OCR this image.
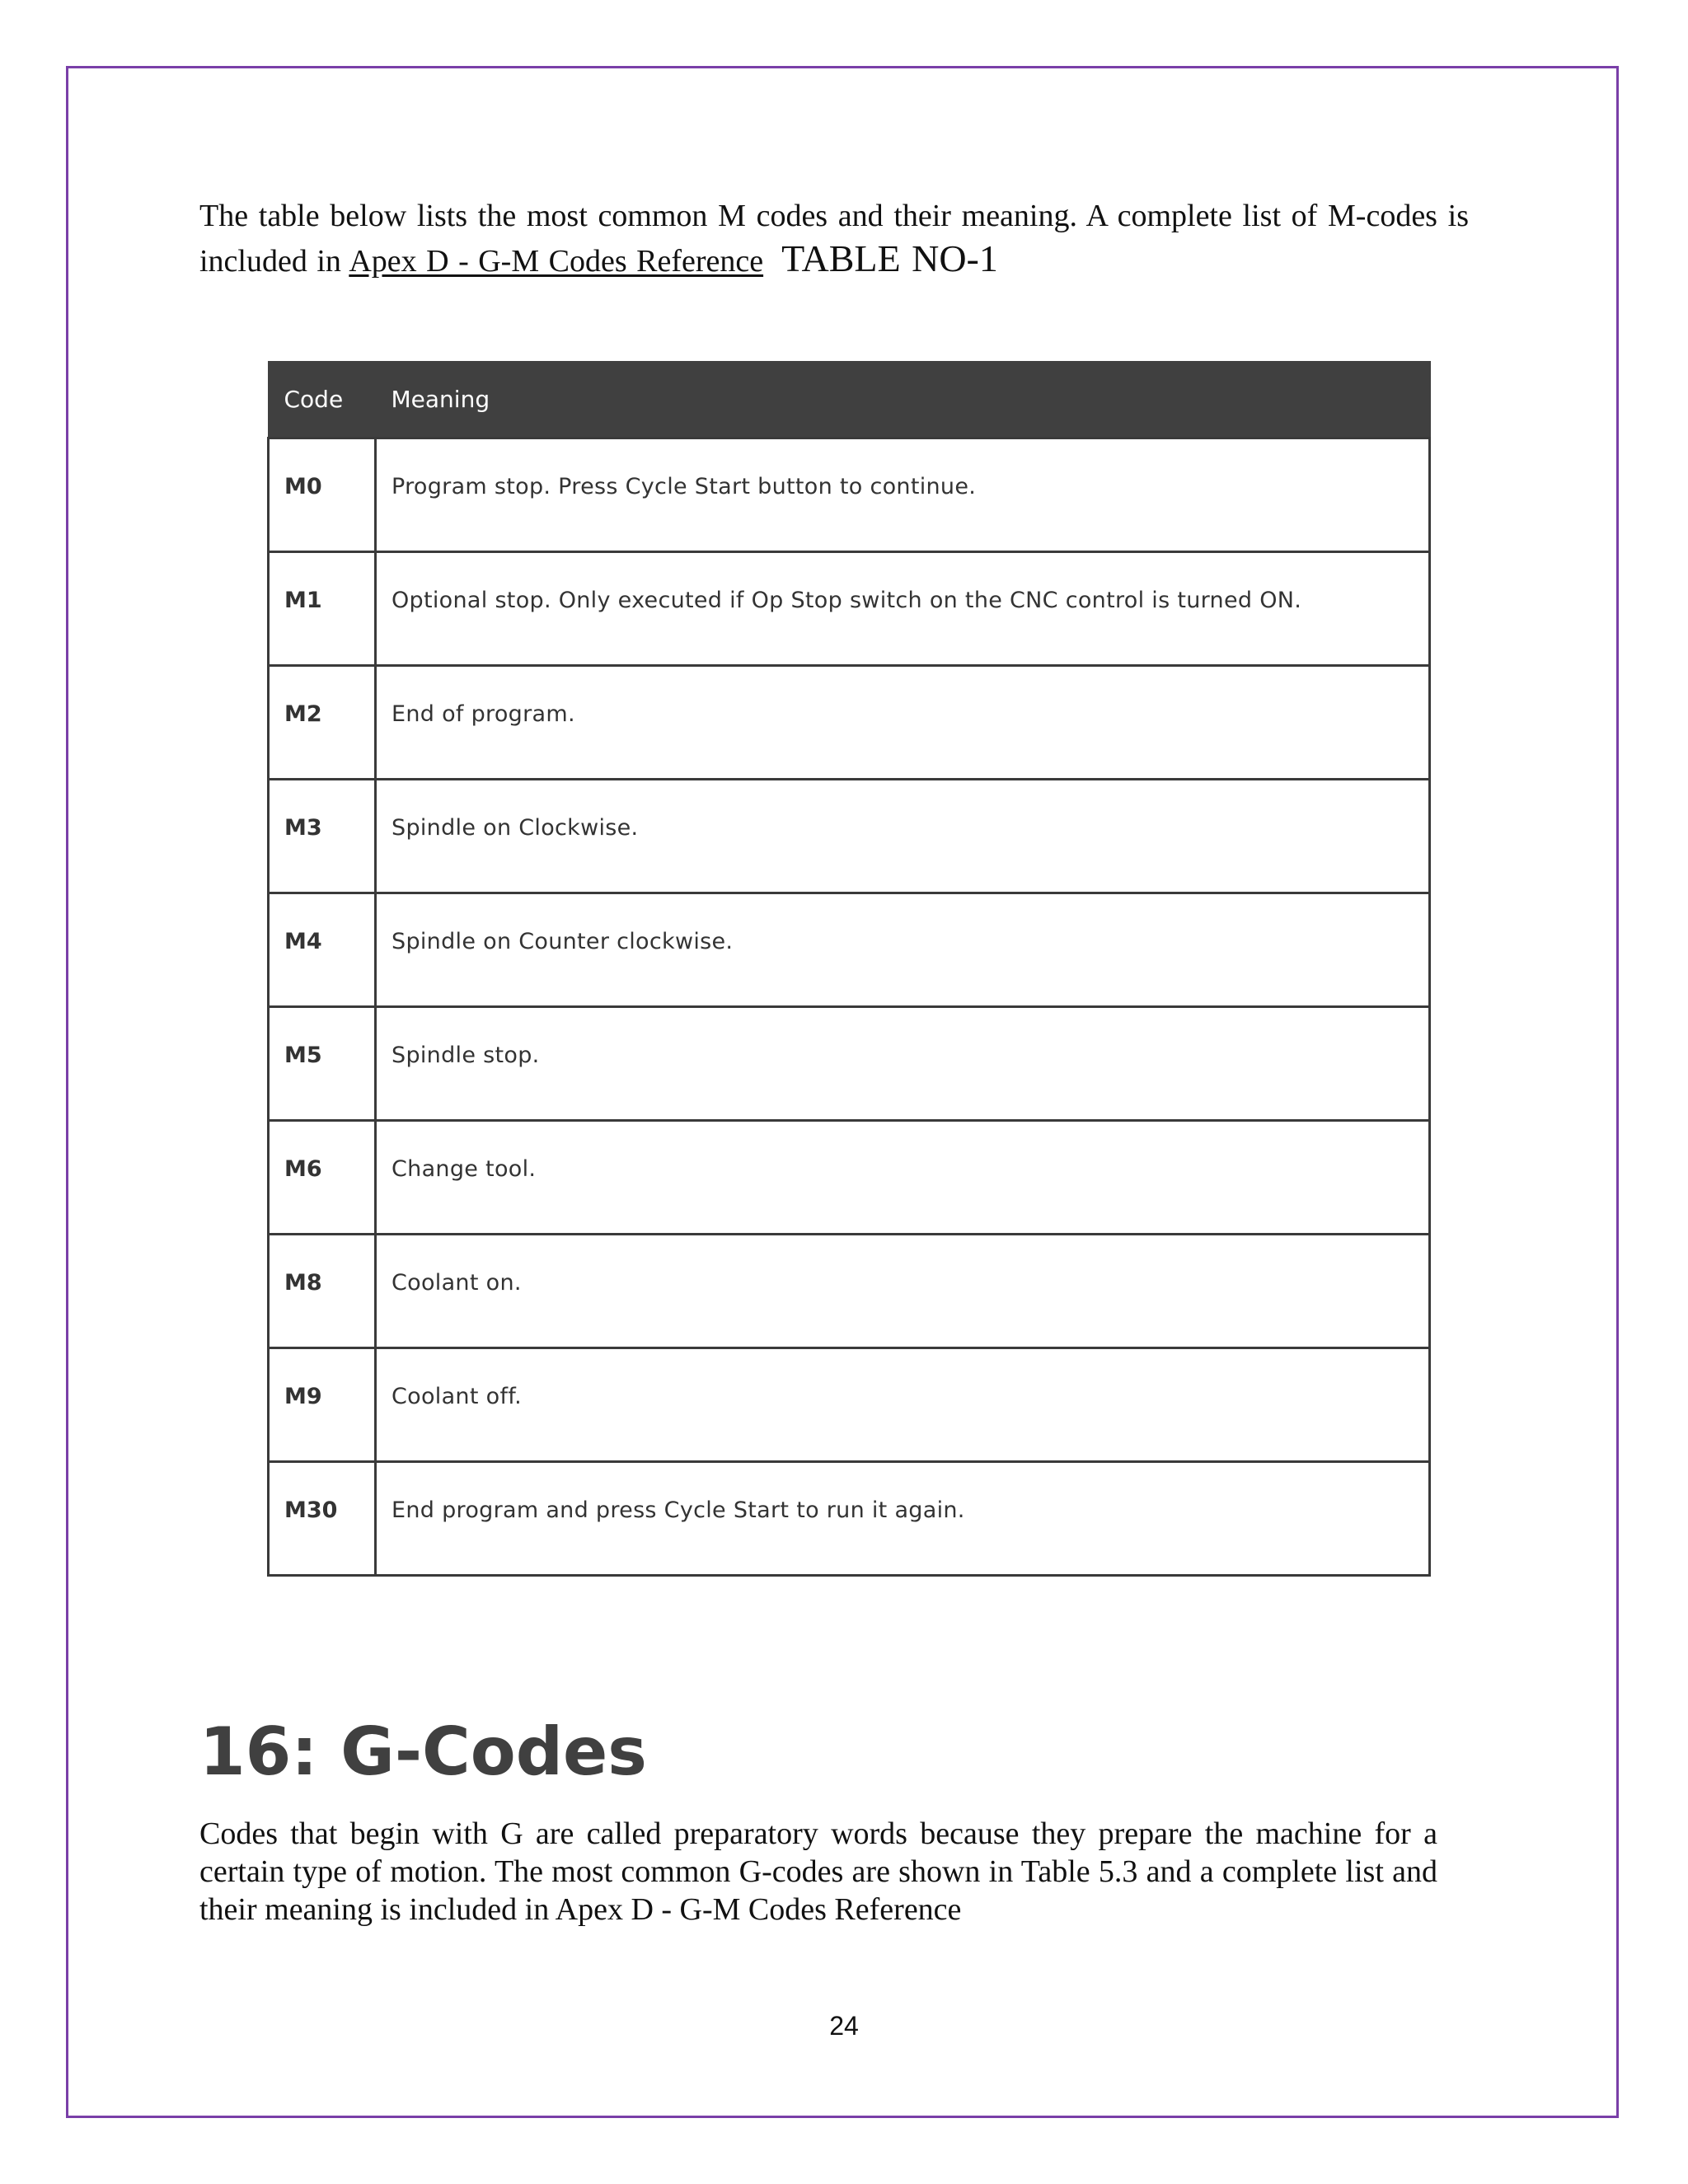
The table below lists the most common M codes and their meaning. A complete list of M-codes is included in Apex D - G-M Codes Reference TABLE NO-1

Code	Meaning
M0	Program stop. Press Cycle Start button to continue.
M1	Optional stop. Only executed if Op Stop switch on the CNC control is turned ON.
M2	End of program.
M3	Spindle on Clockwise.
M4	Spindle on Counter clockwise.
M5	Spindle stop.
M6	Change tool.
M8	Coolant on.
M9	Coolant off.
M30	End program and press Cycle Start to run it again.
16: G-Codes

Codes that begin with G are called preparatory words because they prepare the machine for a certain type of motion. The most common G-codes are shown in Table 5.3 and a complete list and their meaning is included in Apex D - G-M Codes Reference

24
